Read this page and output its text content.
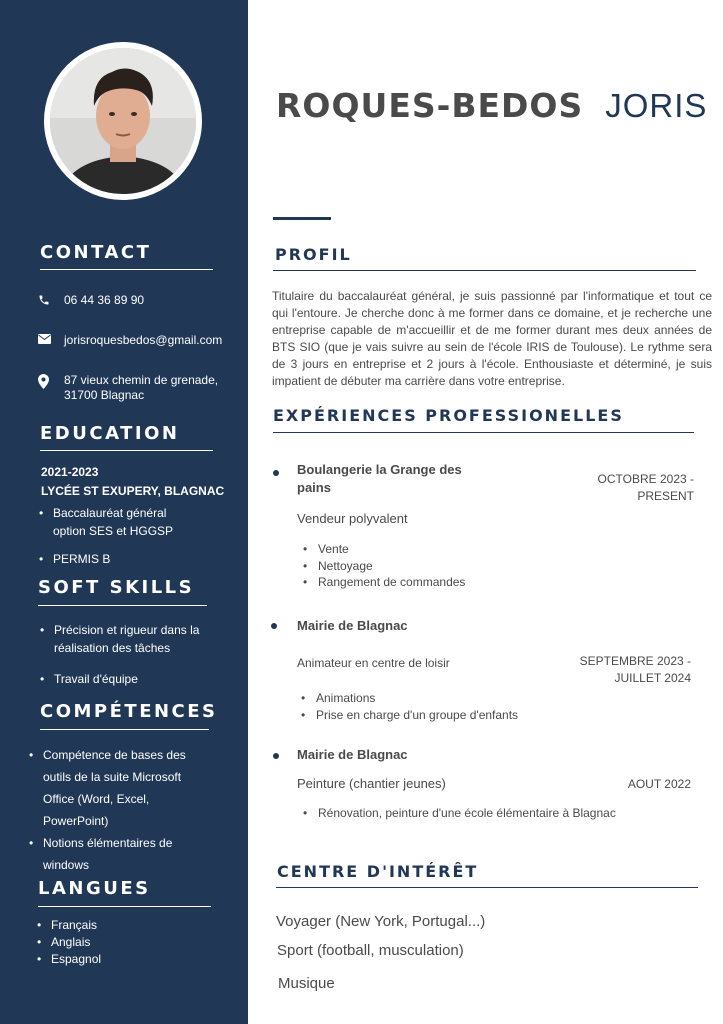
CONTACT
06 44 36 89 90
jorisroquesbedos@gmail.com
87 vieux chemin de grenade,
31700 Blagnac
EDUCATION
2021-2023
LYCÉE ST EXUPERY, BLAGNAC
• Baccalauréat général
option SES et HGGSP
• PERMIS B
SOFT SKILLS
• Précision et rigueur dans la
réalisation des tâches
• Travail d'équipe
COMPÉTENCES
• Compétence de bases des
outils de la suite Microsoft
Office (Word, Excel,
PowerPoint)
• Notions élémentaires de
windows
LANGUES
• Français
• Anglais
• Espagnol
ROQUES-BEDOS JORIS
PROFIL
Titulaire du baccalauréat général, je suis passionné par l'informatique et tout ce qui l'entoure. Je cherche donc à me former dans ce domaine, et je recherche une entreprise capable de m'accueillir et de me former durant mes deux années de BTS SIO (que je vais suivre au sein de l'école IRIS de Toulouse). Le rythme sera de 3 jours en entreprise et 2 jours à l'école. Enthousiaste et déterminé, je suis impatient de débuter ma carrière dans votre entreprise.
EXPÉRIENCES PROFESSIONELLES
Boulangerie la Grange des
pains
OCTOBRE 2023 -
PRESENT
Vendeur polyvalent
• Vente
• Nettoyage
• Rangement de commandes
Mairie de Blagnac
SEPTEMBRE 2023 -
JUILLET 2024
Animateur en centre de loisir
• Animations
• Prise en charge d'un groupe d'enfants
Mairie de Blagnac
Peinture (chantier jeunes)	AOUT 2022
• Rénovation, peinture d'une école élémentaire à Blagnac
CENTRE D'INTÉRÊT
Voyager (New York, Portugal...)
Sport (football, musculation)
Musique
